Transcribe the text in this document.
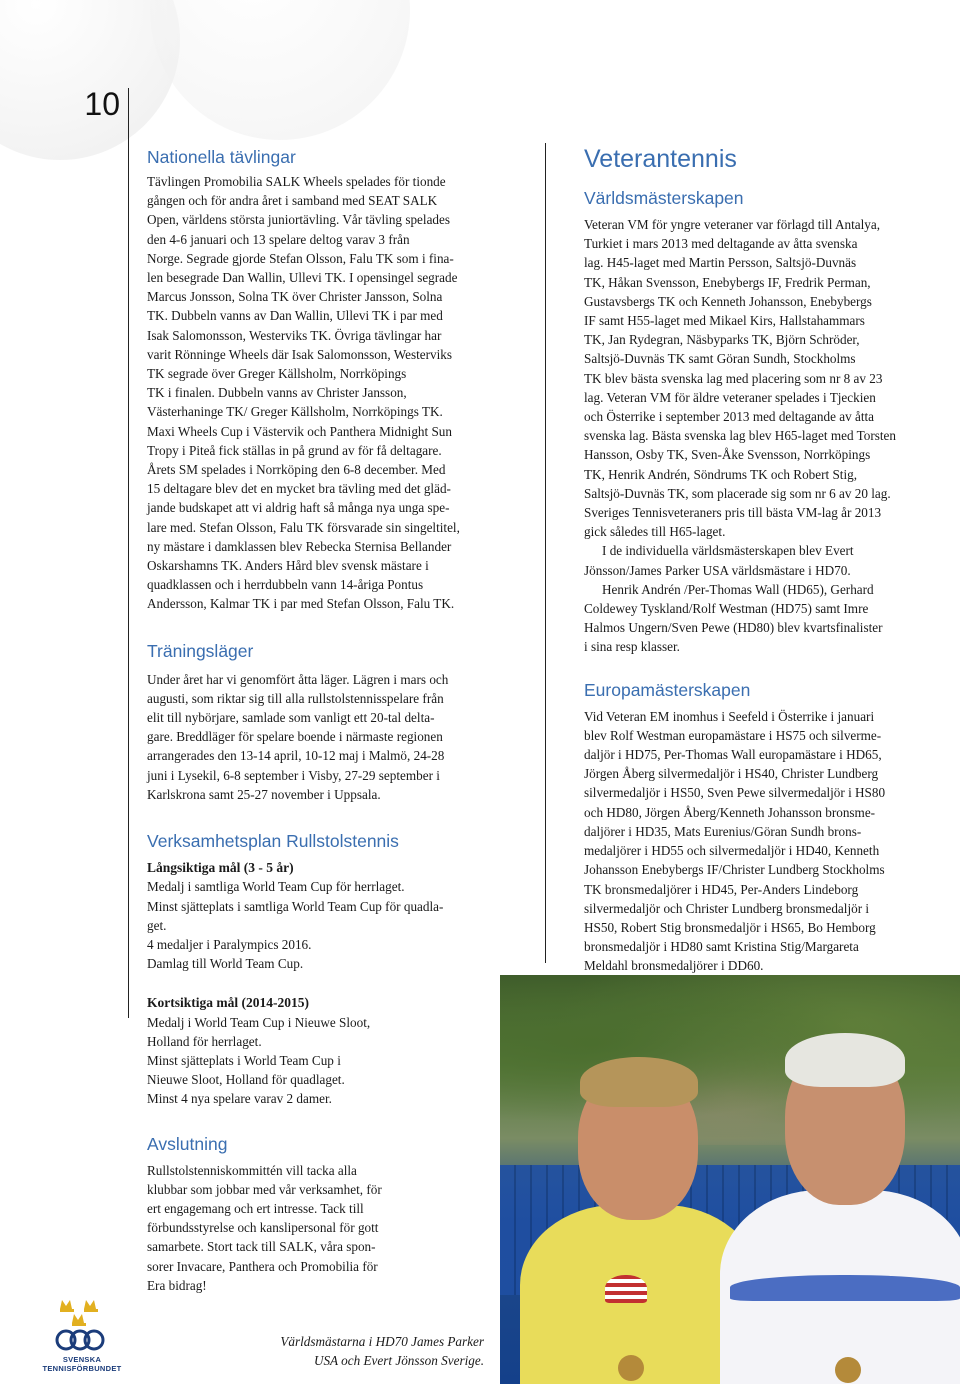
10
Nationella tävlingar
Tävlingen Promobilia SALK Wheels spelades för tionde
gången och för andra året i samband med SEAT SALK
Open, världens största juniortävling. Vår tävling spelades
den 4-6 januari och 13 spelare deltog varav 3 från
Norge. Segrade gjorde Stefan Olsson, Falu TK som i fina-
len besegrade Dan Wallin, Ullevi TK. I opensingel segrade
Marcus Jonsson, Solna TK över Christer Jansson, Solna
TK. Dubbeln vanns av Dan Wallin, Ullevi TK i par med
Isak Salomonsson, Westerviks TK. Övriga tävlingar har
varit Rönninge Wheels där Isak Salomonsson, Westerviks
TK segrade över Greger Källsholm, Norrköpings
TK i finalen. Dubbeln vanns av Christer Jansson,
Västerhaninge TK/ Greger Källsholm, Norrköpings TK.
Maxi Wheels Cup i Västervik och Panthera Midnight Sun
Tropy i Piteå fick ställas in på grund av för få deltagare.
Årets SM spelades i Norrköping den 6-8 december. Med
15 deltagare blev det en mycket bra tävling med det gläd-
jande budskapet att vi aldrig haft så många nya unga spe-
lare med. Stefan Olsson, Falu TK försvarade sin singeltitel,
ny mästare i damklassen blev Rebecka Sternisa Bellander
Oskarshamns TK. Anders Hård blev svensk mästare i
quadklassen och i herrdubbeln vann 14-åriga Pontus
Andersson, Kalmar TK i par med Stefan Olsson, Falu TK.
Träningsläger
Under året har vi genomfört åtta läger. Lägren i mars och
augusti, som riktar sig till alla rullstolstennisspelare från
elit till nybörjare, samlade som vanligt ett 20-tal delta-
gare. Breddläger för spelare boende i närmaste regionen
arrangerades den 13-14 april, 10-12 maj i Malmö, 24-28
juni i Lysekil, 6-8 september i Visby, 27-29 september i
Karlskrona samt 25-27 november i Uppsala.
Verksamhetsplan Rullstolstennis

Långsiktiga mål (3 - 5 år)

Medalj i samtliga World Team Cup för herrlaget.
Minst sjätteplats i samtliga World Team Cup för quadla-
get.
4 medaljer i Paralympics 2016.
Damlag till World Team Cup.

Kortsiktiga mål (2014-2015)

Medalj i World Team Cup i Nieuwe Sloot,
Holland för herrlaget.
Minst sjätteplats i World Team Cup i
Nieuwe Sloot, Holland för quadlaget.
Minst 4 nya spelare varav 2 damer.
Avslutning
Rullstolstenniskommittén vill tacka alla
klubbar som jobbar med vår verksamhet, för
ert engagemang och ert intresse. Tack till
förbundsstyrelse och kanslipersonal för gott
samarbete. Stort tack till SALK, våra spon-
sorer Invacare, Panthera och Promobilia för
Era bidrag!
Veterantennis
Världsmästerskapen
Veteran VM för yngre veteraner var förlagd till Antalya,
Turkiet i mars 2013 med deltagande av åtta svenska
lag. H45-laget med Martin Persson, Saltsjö-Duvnäs
TK, Håkan Svensson, Enebybergs IF, Fredrik Perman,
Gustavsbergs TK och Kenneth Johansson, Enebybergs
IF samt H55-laget med Mikael Kirs, Hallstahammars
TK, Jan Rydegran, Näsbyparks TK, Björn Schröder,
Saltsjö-Duvnäs TK samt Göran Sundh, Stockholms
TK blev bästa svenska lag med placering som nr 8 av 23
lag. Veteran VM för äldre veteraner spelades i Tjeckien
och Österrike i september 2013 med deltagande av åtta
svenska lag. Bästa svenska lag blev H65-laget med Torsten
Hansson, Osby TK, Sven-Åke Svensson, Norrköpings
TK, Henrik Andrén, Söndrums TK och Robert Stig,
Saltsjö-Duvnäs TK, som placerade sig som nr 6 av 20 lag.
Sveriges Tennisveteraners pris till bästa VM-lag år 2013
gick således till H65-laget.
I de individuella världsmästerskapen blev Evert
Jönsson/James Parker USA världsmästare i HD70.
Henrik Andrén /Per-Thomas Wall (HD65), Gerhard
Coldewey Tyskland/Rolf Westman (HD75) samt Imre
Halmos Ungern/Sven Pewe (HD80) blev kvartsfinalister
i sina resp klasser.
Europamästerskapen
Vid Veteran EM inomhus i Seefeld i Österrike i januari
blev Rolf Westman europamästare i HS75 och silverme-
daljör i HD75, Per-Thomas Wall europamästare i HD65,
Jörgen Åberg silvermedaljör i HS40, Christer Lundberg
silvermedaljör i HS50, Sven Pewe silvermedaljör i HS80
och HD80, Jörgen Åberg/Kenneth Johansson bronsme-
daljörer i HD35, Mats Eurenius/Göran Sundh brons-
medaljörer i HD55 och silvermedaljör i HD40, Kenneth
Johansson Enebybergs IF/Christer Lundberg Stockholms
TK bronsmedaljörer i HD45, Per-Anders Lindeborg
silvermedaljör och Christer Lundberg bronsmedaljör i
HS50, Robert Stig bronsmedaljör i HS65, Bo Hemborg
bronsmedaljör i HD80 samt Kristina Stig/Margareta
Meldahl bronsmedaljörer i DD60.
Världsmästarna i HD70 James Parker
USA och Evert Jönsson Sverige.
SVENSKA
TENNISFÖRBUNDET
